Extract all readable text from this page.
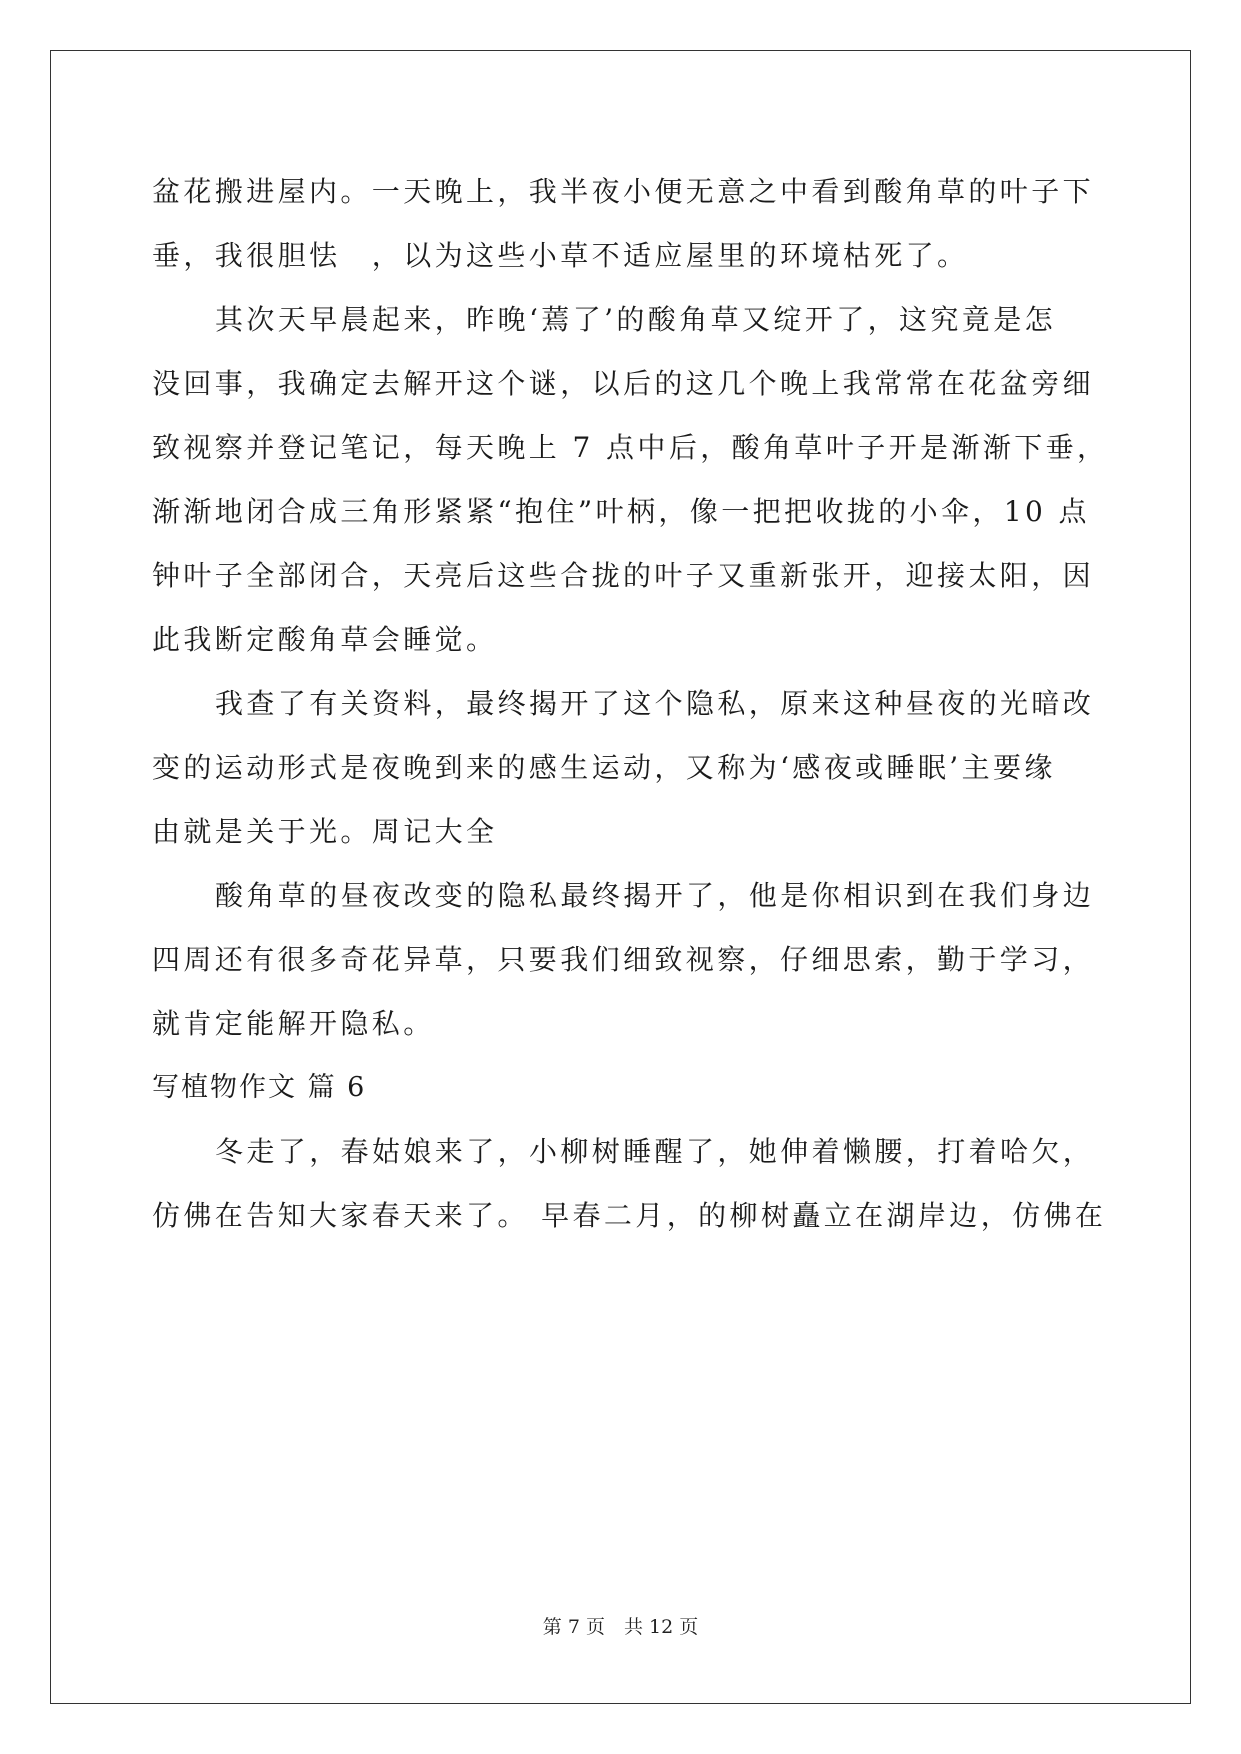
盆花搬进屋内。一天晚上，我半夜小便无意之中看到酸角草的叶子下
垂，我很胆怯　，以为这些小草不适应屋里的环境枯死了。
其次天早晨起来，昨晚‘蔫了’的酸角草又绽开了，这究竟是怎
没回事，我确定去解开这个谜，以后的这几个晚上我常常在花盆旁细
致视察并登记笔记，每天晚上 7 点中后，酸角草叶子开是渐渐下垂，
渐渐地闭合成三角形紧紧“抱住”叶柄，像一把把收拢的小伞，10 点
钟叶子全部闭合，天亮后这些合拢的叶子又重新张开，迎接太阳，因
此我断定酸角草会睡觉。
我查了有关资料，最终揭开了这个隐私，原来这种昼夜的光暗改
变的运动形式是夜晚到来的感生运动，又称为‘感夜或睡眠’主要缘
由就是关于光。周记大全
酸角草的昼夜改变的隐私最终揭开了，他是你相识到在我们身边
四周还有很多奇花异草，只要我们细致视察，仔细思索，勤于学习，
就肯定能解开隐私。
写植物作文 篇 6
冬走了，春姑娘来了，小柳树睡醒了，她伸着懒腰，打着哈欠，
仿佛在告知大家春天来了。 早春二月，的柳树矗立在湖岸边，仿佛在
第 7 页　共 12 页
